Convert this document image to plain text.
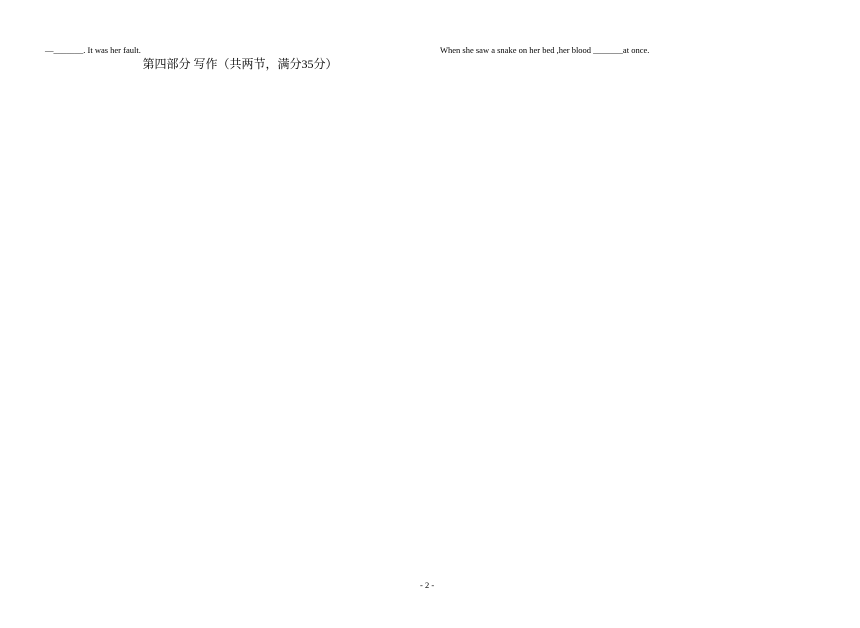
—_______. It was her fault.
第四部分 写作（共两节，满分35分）
When she saw a snake on her bed ,her blood _______at once.
- 2 -
